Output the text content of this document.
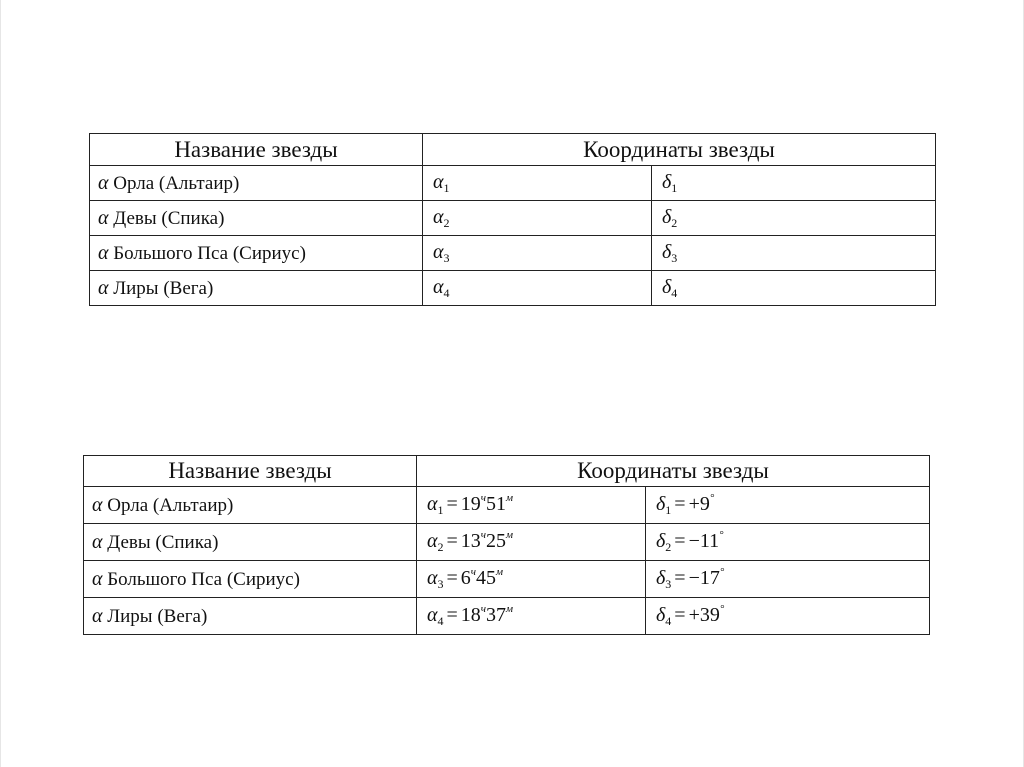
Название звезды	Координаты звезды	
α Орла (Альтаир)	$\alpha_1$	$\delta_1$
α Девы (Спика)	$\alpha_2$	$\delta_2$
α Большого Пса (Сириус)	$\alpha_3$	$\delta_3$
α Лиры (Вега)	$\alpha_4$	$\delta_4$
Название звезды	Координаты звезды	
α Орла (Альтаир)	$\alpha_1 = 19^ч51^м$	$\delta_1 = +9^\circ$
α Девы (Спика)	$\alpha_2 = 13^ч25^м$	$\delta_2 = -11^\circ$
α Большого Пса (Сириус)	$\alpha_3 = 6^ч45^м$	$\delta_3 = -17^\circ$
α Лиры (Вега)	$\alpha_4 = 18^ч37^м$	$\delta_4 = +39^\circ$
